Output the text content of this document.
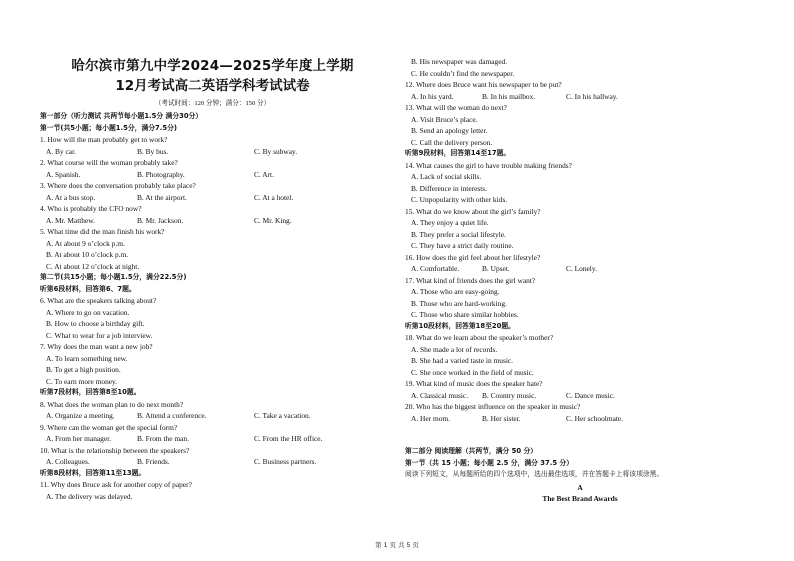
哈尔滨市第九中学2024—2025学年度上学期
12月考试高二英语学科考试试卷
（考试时间：120 分钟；满分：150 分）
第一部分（听力测试 共两节每小题1.5分 满分30分）
第一节(共5小题；每小题1.5分，满分7.5分)
1. How will the man probably get to work?
A. By car.	B. By bus.	C. By subway.
2. What course will the woman probably take?
A. Spanish.	B. Photography.	C. Art.
3. Where does the conversation probably take place?
A. At a bus stop.	B. At the airport.	C. At a hotel.
4. Who is probably the CFO now?
A. Mr. Matthew.	B. Mr. Jackson.	C. Mr. King.
5. What time did the man finish his work?
A. At about 9 o’clock p.m.
B. At about 10 o’clock p.m.
C. At about 12 o’clock at night.
第二节(共15小题；每小题1.5分，满分22.5分)
听第6段材料，回答第6、7题。
6. What are the speakers talking about?
A. Where to go on vacation.
B. How to choose a birthday gift.
C. What to wear for a job interview.
7. Why does the man want a new job?
A. To learn something new.
B. To get a high position.
C. To earn more money.
听第7段材料，回答第8至10题。
8. What does the woman plan to do next month?
A. Organize a meeting.	B. Attend a conference.	C. Take a vacation.
9. Where can the woman get the special form?
A. From her manager.	B. From the man.	C. From the HR office.
10. What is the relationship between the speakers?
A. Colleagues.	B. Friends.	C. Business partners.
听第8段材料，回答第11至13题。
11. Why does Bruce ask for another copy of paper?
A. The delivery was delayed.
B. His newspaper was damaged.
C. He couldn’t find the newspaper.
12. Where does Bruce want his newspaper to be put?
A. In his yard.	B. In his mailbox.	C. In his hallway.
13. What will the woman do next?
A. Visit Bruce’s place.
B. Send an apology letter.
C. Call the delivery person.
听第9段材料，回答第14至17题。
14. What causes the girl to have trouble making friends?
A. Lack of social skills.
B. Difference in interests.
C. Unpopularity with other kids.
15. What do we know about the girl’s family?
A. They enjoy a quiet life.
B. They prefer a social lifestyle.
C. They have a strict daily routine.
16. How does the girl feel about her lifestyle?
A. Comfortable.	B. Upset.	C. Lonely.
17. What kind of friends does the girl want?
A. Those who are easy-going.
B. Those who are hard-working.
C. Those who share similar hobbies.
听第10段材料，回答第18至20题。
18. What do we learn about the speaker’s mother?
A. She made a lot of records.
B. She had a varied taste in music.
C. She once worked in the field of music.
19. What kind of music does the speaker hate?
A. Classical music.	B. Country music.	C. Dance music.
20. Who has the biggest influence on the speaker in music?
A. Her mom.	B. Her sister.	C. Her schoolmate.
第二部分 阅读理解（共两节，满分 50 分）
第一节（共 15 小题；每小题 2.5 分，满分 37.5 分）
阅读下列短文，从每题所给的四个选项中，选出最佳选项，并在答题卡上将该项涂黑。
A
The Best Brand Awards
第 1 页 共 5 页
